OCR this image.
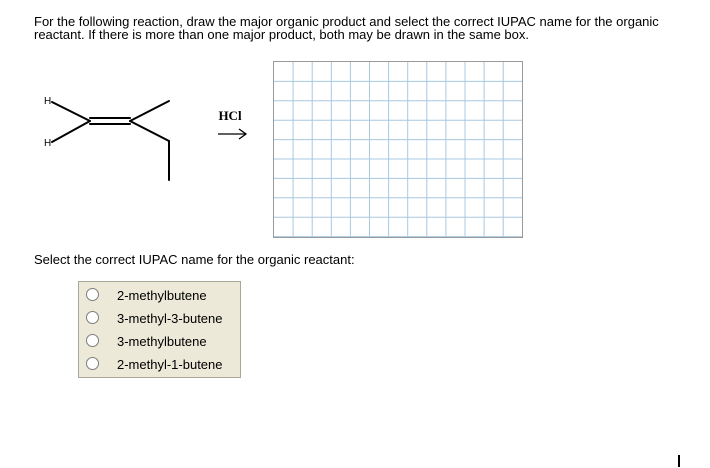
For the following reaction, draw the major organic product and select the correct IUPAC name for the organic reactant. If there is more than one major product, both may be drawn in the same box.
H
H
HCl
Select the correct IUPAC name for the organic reactant:
2-methylbutene
3-methyl-3-butene
3-methylbutene
2-methyl-1-butene
